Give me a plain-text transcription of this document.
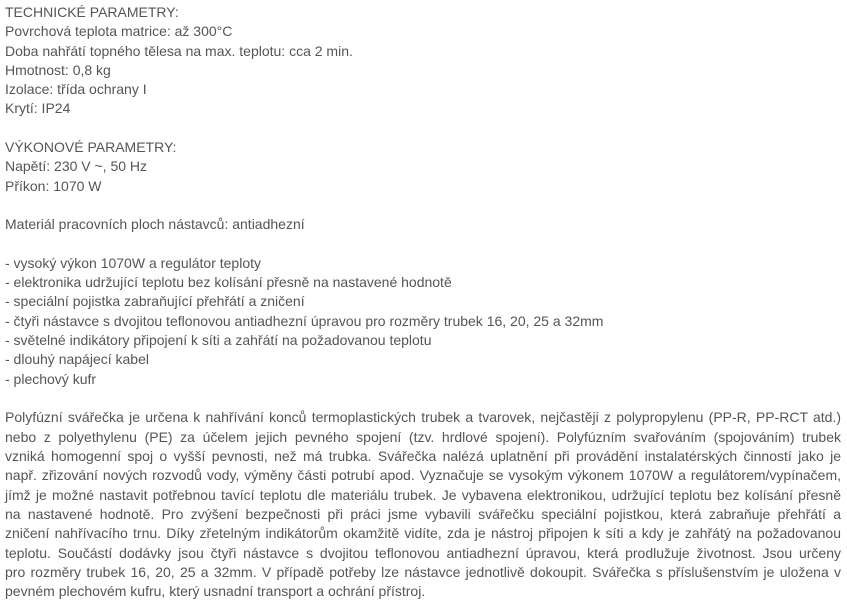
TECHNICKÉ PARAMETRY:
Povrchová teplota matrice: až 300°C
Doba nahřátí topného tělesa na max. teplotu: cca 2 min.
Hmotnost: 0,8 kg
Izolace: třída ochrany I
Krytí: IP24
VÝKONOVÉ PARAMETRY:
Napětí: 230 V ~, 50 Hz
Příkon: 1070 W
Materiál pracovních ploch nástavců: antiadhezní
- vysoký výkon 1070W a regulátor teploty
- elektronika udržující teplotu bez kolísání přesně na nastavené hodnotě
- speciální pojistka zabraňující přehřátí a zničení
- čtyři nástavce s dvojitou teflonovou antiadhezní úpravou pro rozměry trubek 16, 20, 25 a 32mm
- světelné indikátory připojení k síti a zahřátí na požadovanou teplotu
- dlouhý napájecí kabel
- plechový kufr
Polyfúzní svářečka je určena k nahřívání konců termoplastických trubek a tvarovek, nejčastěji z polypropylenu (PP-R, PP-RCT atd.)
nebo z polyethylenu (PE) za účelem jejich pevného spojení (tzv. hrdlové spojení). Polyfúzním svařováním (spojováním) trubek
vzniká homogenní spoj o vyšší pevnosti, než má trubka. Svářečka nalézá uplatnění při provádění instalatérských činností jako je
např. zřizování nových rozvodů vody, výměny části potrubí apod. Vyznačuje se vysokým výkonem 1070W a regulátorem/vypínačem,
jímž je možné nastavit potřebnou tavící teplotu dle materiálu trubek. Je vybavena elektronikou, udržující teplotu bez kolísání přesně
na nastavené hodnotě. Pro zvýšení bezpečnosti při práci jsme vybavili svářečku speciální pojistkou, která zabraňuje přehřátí a
zničení nahřívacího trnu. Díky zřetelným indikátorům okamžitě vidíte, zda je nástroj připojen k síti a kdy je zahřátý na požadovanou
teplotu. Součástí dodávky jsou čtyři nástavce s dvojitou teflonovou antiadhezní úpravou, která prodlužuje životnost. Jsou určeny
pro rozměry trubek 16, 20, 25 a 32mm. V případě potřeby lze nástavce jednotlivě dokoupit. Svářečka s příslušenstvím je uložena v
pevném plechovém kufru, který usnadní transport a ochrání přístroj.
